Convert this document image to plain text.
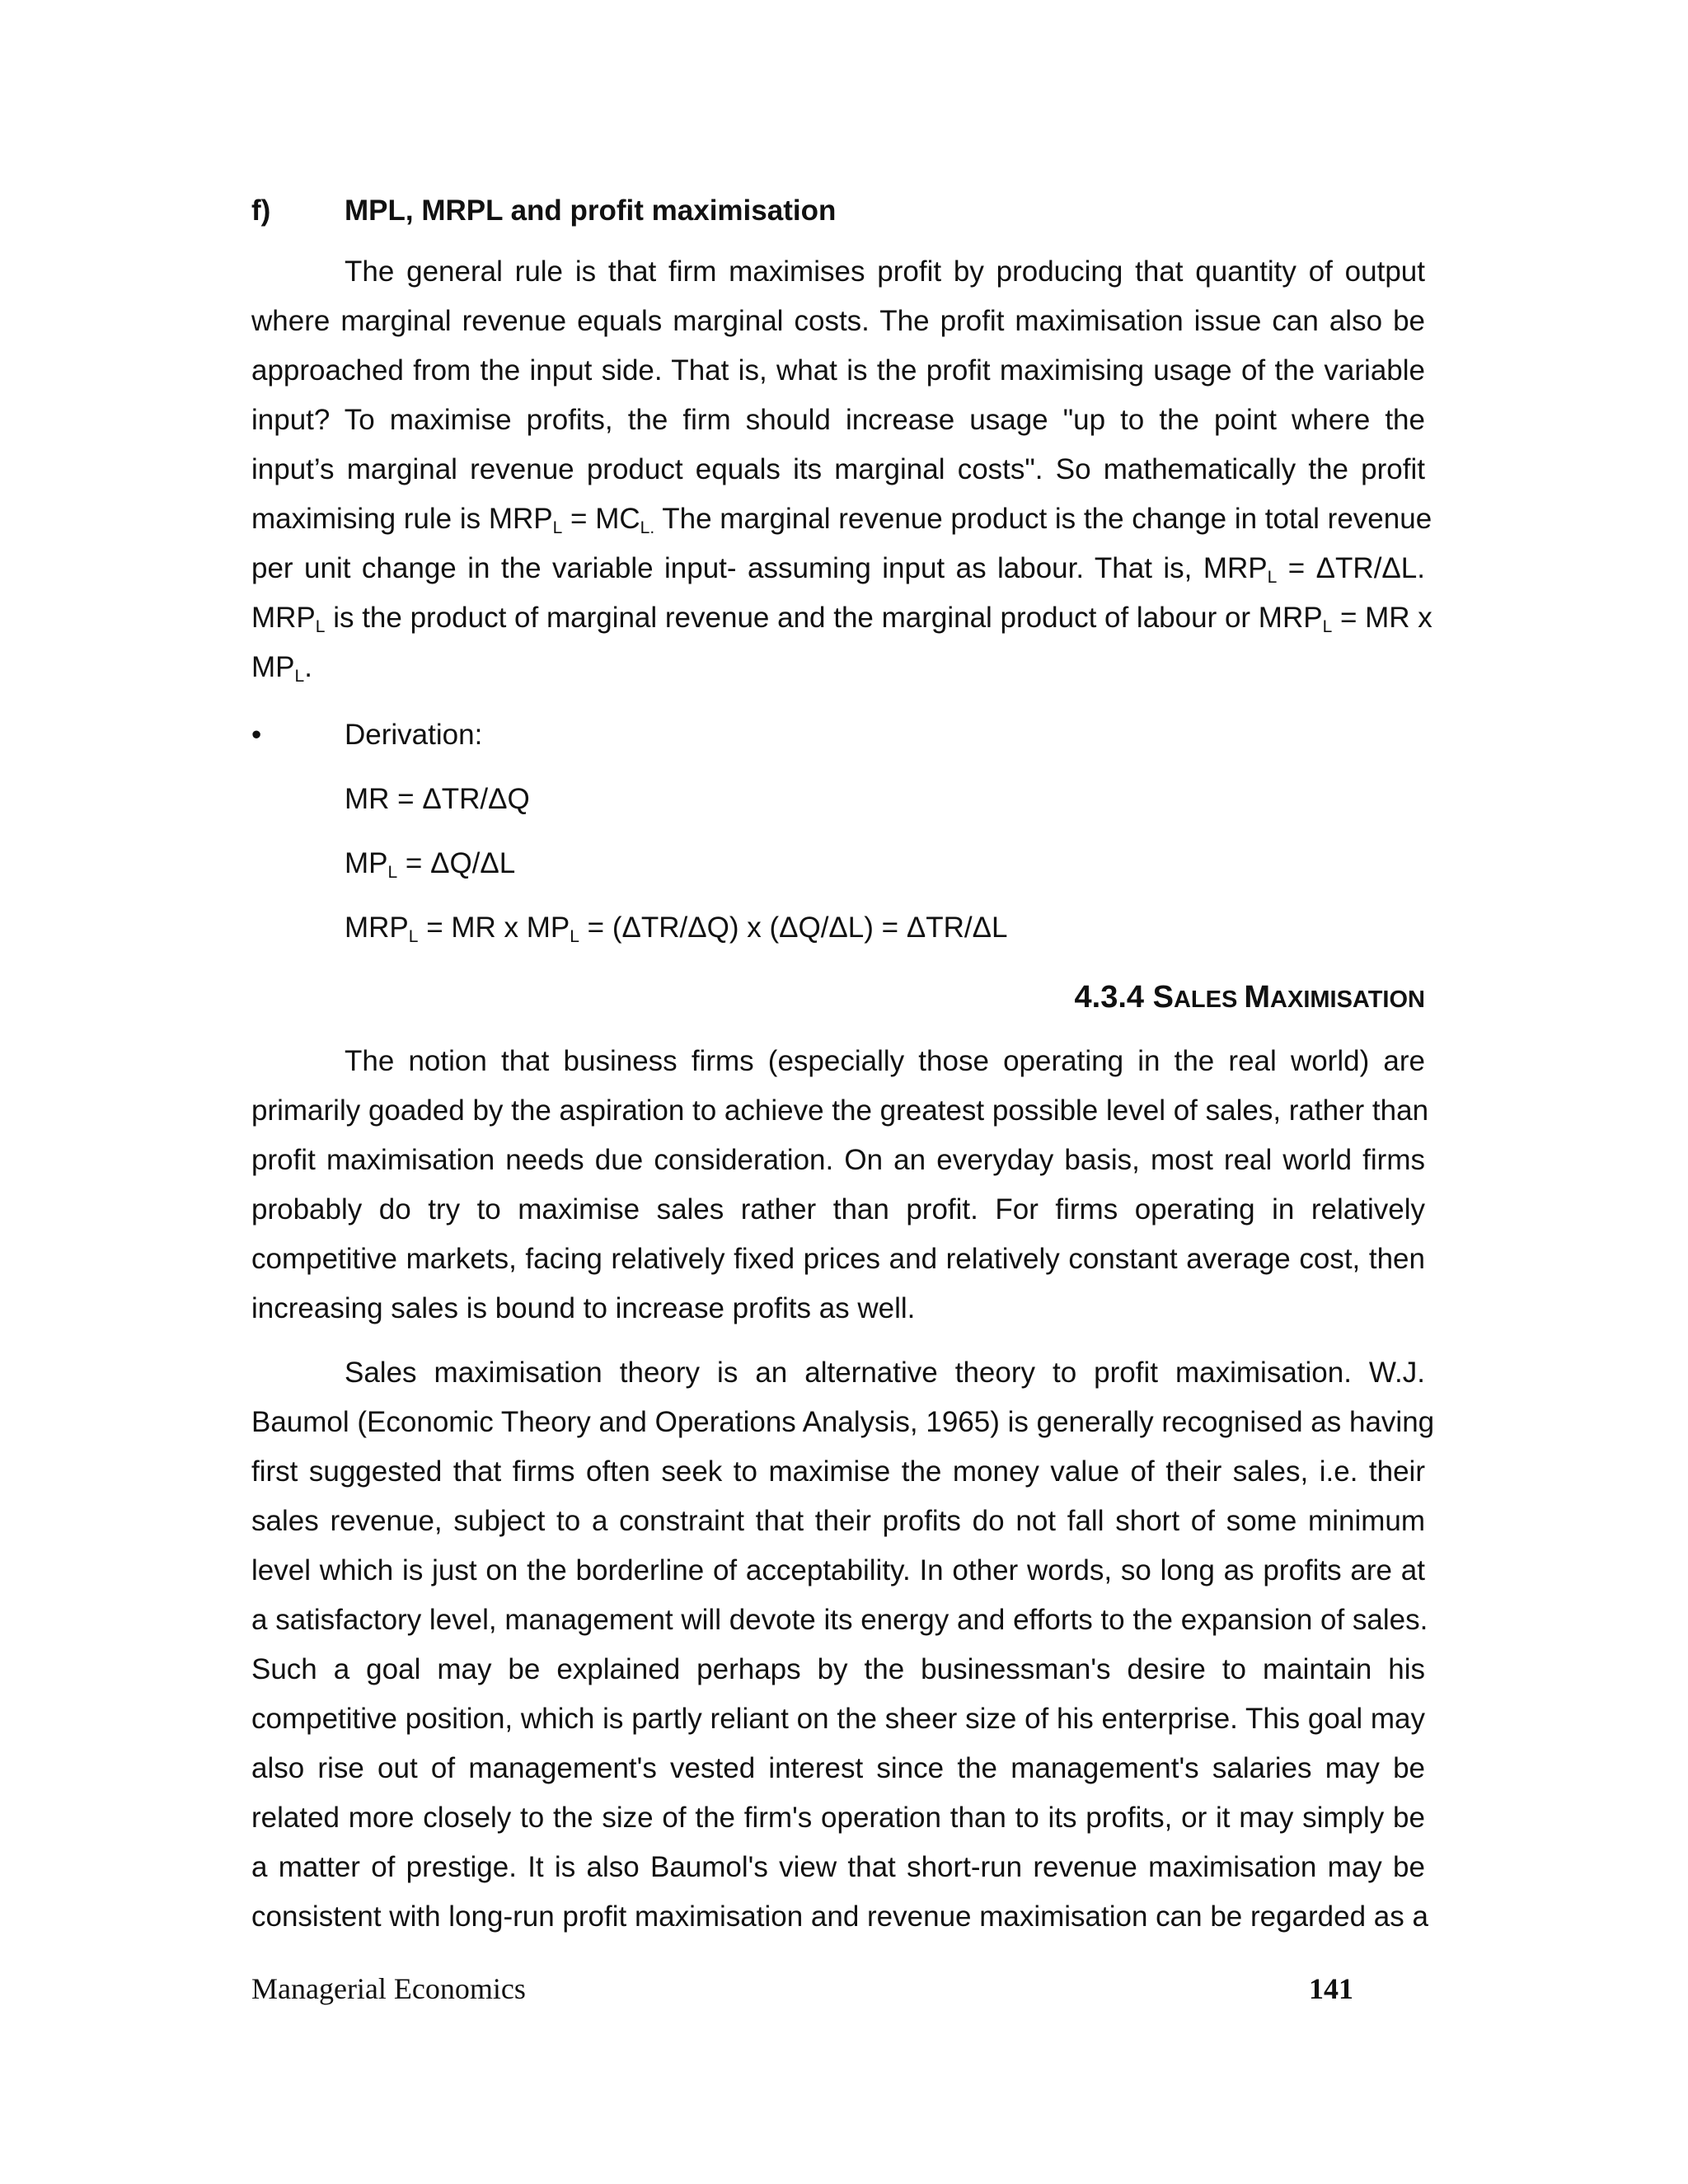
f)	MPL, MRPL and profit maximisation
The general rule is that firm maximises profit by producing that quantity of output
where marginal revenue equals marginal costs. The profit maximisation issue can also be
approached from the input side. That is, what is the profit maximising usage of the variable
input? To maximise profits, the firm should increase usage "up to the point where the
input’s marginal revenue product equals its marginal costs". So mathematically the profit
maximising rule is $MRP_L = MC_{L.}$ The marginal revenue product is the change in total revenue
per unit change in the variable input- assuming input as labour. That is, $MRP_L = \Delta TR/\Delta L$.
$MRP_L$ is the product of marginal revenue and the marginal product of labour or $MRP_L$ = MR x
$MP_L$.
•	Derivation:
MR = ΔTR/ΔQ
$MP_L = \Delta Q/\Delta L$
$MRP_L$ = MR x $MP_L = (\Delta TR/\Delta Q)$ x (ΔQ/ΔL) = ΔTR/ΔL
4.3.4 SALES MAXIMISATION
The notion that business firms (especially those operating in the real world) are
primarily goaded by the aspiration to achieve the greatest possible level of sales, rather than
profit maximisation needs due consideration. On an everyday basis, most real world firms
probably do try to maximise sales rather than profit. For firms operating in relatively
competitive markets, facing relatively fixed prices and relatively constant average cost, then
increasing sales is bound to increase profits as well.
Sales maximisation theory is an alternative theory to profit maximisation. W.J.
Baumol (Economic Theory and Operations Analysis, 1965) is generally recognised as having
first suggested that firms often seek to maximise the money value of their sales, i.e. their
sales revenue, subject to a constraint that their profits do not fall short of some minimum
level which is just on the borderline of acceptability. In other words, so long as profits are at
a satisfactory level, management will devote its energy and efforts to the expansion of sales.
Such a goal may be explained perhaps by the businessman's desire to maintain his
competitive position, which is partly reliant on the sheer size of his enterprise. This goal may
also rise out of management's vested interest since the management's salaries may be
related more closely to the size of the firm's operation than to its profits, or it may simply be
a matter of prestige. It is also Baumol's view that short-run revenue maximisation may be
consistent with long-run profit maximisation and revenue maximisation can be regarded as a
Managerial Economics	141
